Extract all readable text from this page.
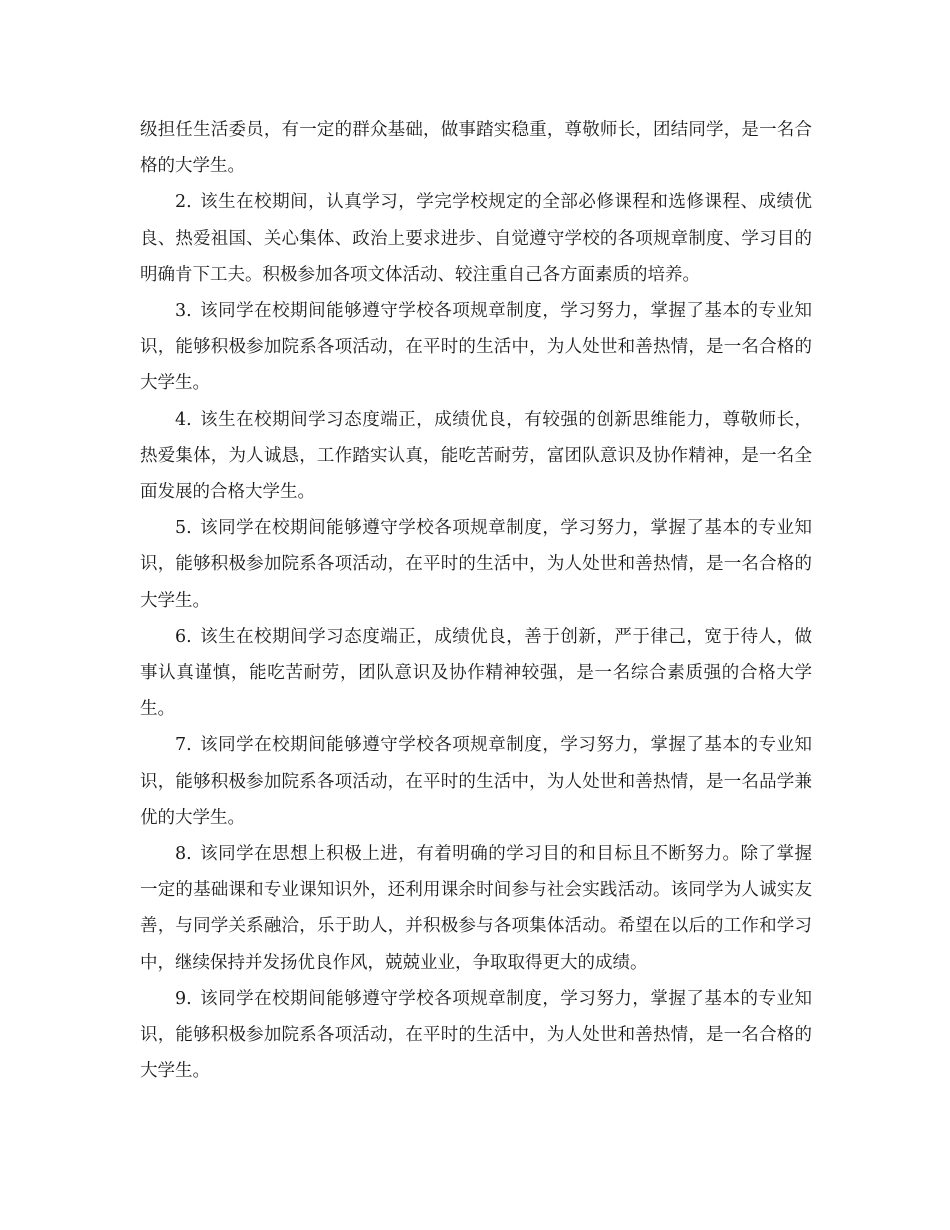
级担任生活委员，有一定的群众基础，做事踏实稳重，尊敬师长，团结同学，是一名合格的大学生。

2. 该生在校期间，认真学习，学完学校规定的全部必修课程和选修课程、成绩优良、热爱祖国、关心集体、政治上要求进步、自觉遵守学校的各项规章制度、学习目的明确肯下工夫。积极参加各项文体活动、较注重自己各方面素质的培养。

3. 该同学在校期间能够遵守学校各项规章制度，学习努力，掌握了基本的专业知识，能够积极参加院系各项活动，在平时的生活中，为人处世和善热情，是一名合格的大学生。

4. 该生在校期间学习态度端正，成绩优良，有较强的创新思维能力，尊敬师长，热爱集体，为人诚恳，工作踏实认真，能吃苦耐劳，富团队意识及协作精神，是一名全面发展的合格大学生。

5. 该同学在校期间能够遵守学校各项规章制度，学习努力，掌握了基本的专业知识，能够积极参加院系各项活动，在平时的生活中，为人处世和善热情，是一名合格的大学生。

6. 该生在校期间学习态度端正，成绩优良，善于创新，严于律己，宽于待人，做事认真谨慎，能吃苦耐劳，团队意识及协作精神较强，是一名综合素质强的合格大学生。

7. 该同学在校期间能够遵守学校各项规章制度，学习努力，掌握了基本的专业知识，能够积极参加院系各项活动，在平时的生活中，为人处世和善热情，是一名品学兼优的大学生。

8. 该同学在思想上积极上进，有着明确的学习目的和目标且不断努力。除了掌握一定的基础课和专业课知识外，还利用课余时间参与社会实践活动。该同学为人诚实友善，与同学关系融洽，乐于助人，并积极参与各项集体活动。希望在以后的工作和学习中，继续保持并发扬优良作风，兢兢业业，争取取得更大的成绩。

9. 该同学在校期间能够遵守学校各项规章制度，学习努力，掌握了基本的专业知识，能够积极参加院系各项活动，在平时的生活中，为人处世和善热情，是一名合格的大学生。
